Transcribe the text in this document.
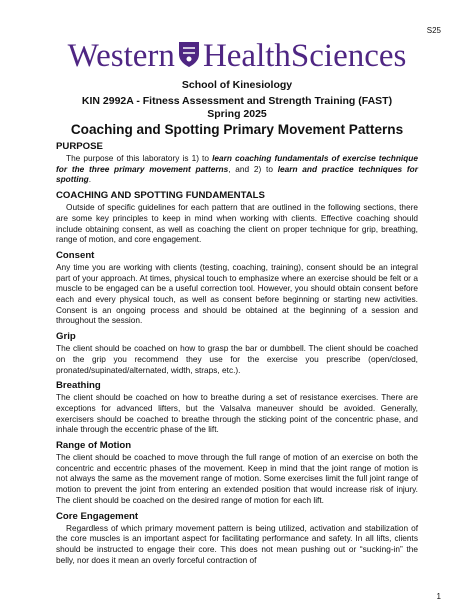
S25
Western HealthSciences
School of Kinesiology
KIN 2992A - Fitness Assessment and Strength Training (FAST)
Spring 2025
Coaching and Spotting Primary Movement Patterns
PURPOSE

The purpose of this laboratory is 1) to learn coaching fundamentals of exercise technique for the three primary movement patterns, and 2) to learn and practice techniques for spotting.

COACHING AND SPOTTING FUNDAMENTALS

Outside of specific guidelines for each pattern that are outlined in the following sections, there are some key principles to keep in mind when working with clients. Effective coaching should include obtaining consent, as well as coaching the client on proper technique for grip, breathing, range of motion, and core engagement.

Consent

Any time you are working with clients (testing, coaching, training), consent should be an integral part of your approach. At times, physical touch to emphasize where an exercise should be felt or a muscle to be engaged can be a useful correction tool. However, you should obtain consent before each and every physical touch, as well as consent before beginning or starting new activities. Consent is an ongoing process and should be obtained at the beginning of a session and throughout the session.

Grip

The client should be coached on how to grasp the bar or dumbbell. The client should be coached on the grip you recommend they use for the exercise you prescribe (open/closed, pronated/supinated/alternated, width, straps, etc.).

Breathing

The client should be coached on how to breathe during a set of resistance exercises. There are exceptions for advanced lifters, but the Valsalva maneuver should be avoided. Generally, exercisers should be coached to breathe through the sticking point of the concentric phase, and inhale through the eccentric phase of the lift.

Range of Motion

The client should be coached to move through the full range of motion of an exercise on both the concentric and eccentric phases of the movement. Keep in mind that the joint range of motion is not always the same as the movement range of motion. Some exercises limit the full joint range of motion to prevent the joint from entering an extended position that would increase risk of injury. The client should be coached on the desired range of motion for each lift.

Core Engagement

Regardless of which primary movement pattern is being utilized, activation and stabilization of the core muscles is an important aspect for facilitating performance and safety. In all lifts, clients should be instructed to engage their core. This does not mean pushing out or “sucking-in” the belly, nor does it mean an overly forceful contraction of

1
